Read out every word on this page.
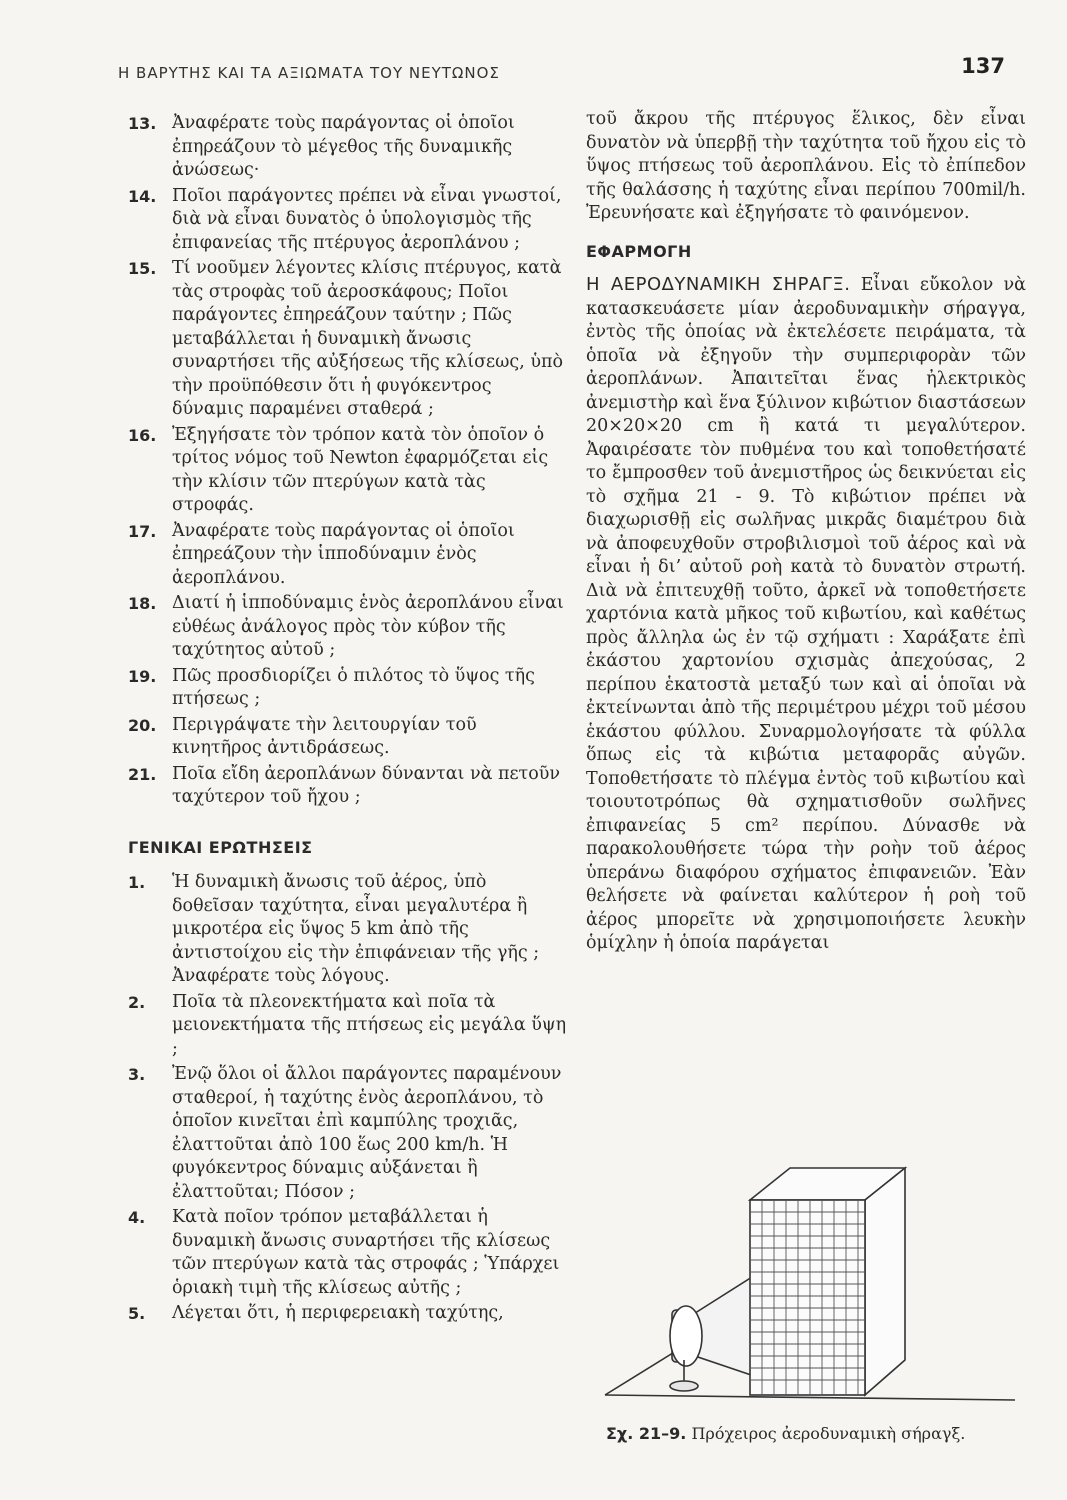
Η ΒΑΡΥΤΗΣ ΚΑΙ ΤΑ ΑΞΙΩΜΑΤΑ ΤΟΥ ΝΕΥΤΩΝΟΣ	137
13. Ἀναφέρατε τοὺς παράγοντας οἱ ὁποῖοι ἐπηρεάζουν τὸ μέγεθος τῆς δυναμικῆς ἀνώσεως·
14. Ποῖοι παράγοντες πρέπει νὰ εἶναι γνωστοί, διὰ νὰ εἶναι δυνατὸς ὁ ὑπολογισμὸς τῆς ἐπιφανείας τῆς πτέρυγος ἀεροπλάνου ;
15. Τί νοοῦμεν λέγοντες κλίσις πτέρυγος, κατὰ τὰς στροφὰς τοῦ ἀεροσκάφους; Ποῖοι παράγοντες ἐπηρεάζουν ταύτην ; Πῶς μεταβάλλεται ἡ δυναμικὴ ἄνωσις συναρτήσει τῆς αὐξήσεως τῆς κλίσεως, ὑπὸ τὴν προϋπόθεσιν ὅτι ἡ φυγόκεντρος δύναμις παραμένει σταθερά ;
16. Ἐξηγήσατε τὸν τρόπον κατὰ τὸν ὁποῖον ὁ τρίτος νόμος τοῦ Newton ἐφαρμόζεται εἰς τὴν κλίσιν τῶν πτερύγων κατὰ τὰς στροφάς.
17. Ἀναφέρατε τοὺς παράγοντας οἱ ὁποῖοι ἐπηρεάζουν τὴν ἱπποδύναμιν ἑνὸς ἀεροπλάνου.
18. Διατί ἡ ἱπποδύναμις ἑνὸς ἀεροπλάνου εἶναι εὐθέως ἀνάλογος πρὸς τὸν κύβον τῆς ταχύτητος αὐτοῦ ;
19. Πῶς προσδιορίζει ὁ πιλότος τὸ ὕψος τῆς πτήσεως ;
20. Περιγράψατε τὴν λειτουργίαν τοῦ κινητῆρος ἀντιδράσεως.
21. Ποῖα εἴδη ἀεροπλάνων δύνανται νὰ πετοῦν ταχύτερον τοῦ ἤχου ;
ΓΕΝΙΚΑΙ ΕΡΩΤΗΣΕΙΣ
1.	Ἡ δυναμικὴ ἄνωσις τοῦ ἀέρος, ὑπὸ δοθεῖσαν ταχύτητα, εἶναι μεγαλυτέρα ἢ μικροτέρα εἰς ὕψος 5 km ἀπὸ τῆς ἀντιστοίχου εἰς τὴν ἐπιφάνειαν τῆς γῆς ; Ἀναφέρατε τοὺς λόγους.
2.	Ποῖα τὰ πλεονεκτήματα καὶ ποῖα τὰ μειονεκτήματα τῆς πτήσεως εἰς μεγάλα ὕψη ;
3.	Ἐνῷ ὅλοι οἱ ἄλλοι παράγοντες παραμένουν σταθεροί, ἡ ταχύτης ἑνὸς ἀεροπλάνου, τὸ ὁποῖον κινεῖται ἐπὶ καμπύλης τροχιᾶς, ἐλαττοῦται ἀπὸ 100 ἕως 200 km/h. Ἡ φυγόκεντρος δύναμις αὐξάνεται ἢ ἐλαττοῦται; Πόσον ;
4.	Κατὰ ποῖον τρόπον μεταβάλλεται ἡ δυναμικὴ ἄνωσις συναρτήσει τῆς κλίσεως τῶν πτερύγων κατὰ τὰς στροφάς ; Ὑπάρχει ὁριακὴ τιμὴ τῆς κλίσεως αὐτῆς ;
5.	Λέγεται ὅτι, ἡ περιφερειακὴ ταχύτης,
τοῦ ἄκρου τῆς πτέρυγος ἕλικος, δὲν εἶναι δυνατὸν νὰ ὑπερβῇ τὴν ταχύτητα τοῦ ἤχου εἰς τὸ ὕψος πτήσεως τοῦ ἀεροπλάνου. Εἰς τὸ ἐπίπεδον τῆς θαλάσσης ἡ ταχύτης εἶναι περίπου 700mil/h. Ἐρευνήσατε καὶ ἐξηγήσατε τὸ φαινόμενον.
ΕΦΑΡΜΟΓΗ
Η ΑΕΡΟΔΥΝΑΜΙΚΗ ΣΗΡΑΓΞ. Εἶναι εὔκολον νὰ κατασκευάσετε μίαν ἀεροδυναμικὴν σήραγγα, ἐντὸς τῆς ὁποίας νὰ ἐκτελέσετε πειράματα, τὰ ὁποῖα νὰ ἐξηγοῦν τὴν συμπεριφορὰν τῶν ἀεροπλάνων. Ἀπαιτεῖται ἕνας ἠλεκτρικὸς ἀνεμιστὴρ καὶ ἕνα ξύλινον κιβώτιον διαστάσεων 20×20×20 cm ἢ κατά τι μεγαλύτερον. Ἀφαιρέσατε τὸν πυθμένα του καὶ τοποθετήσατέ το ἔμπροσθεν τοῦ ἀνεμιστῆρος ὡς δεικνύεται εἰς τὸ σχῆμα 21 - 9. Τὸ κιβώτιον πρέπει νὰ διαχωρισθῇ εἰς σωλῆνας μικρᾶς διαμέτρου διὰ νὰ ἀποφευχθοῦν στροβιλισμοὶ τοῦ ἀέρος καὶ νὰ εἶναι ἡ δι’ αὐτοῦ ροὴ κατὰ τὸ δυνατὸν στρωτή. Διὰ νὰ ἐπιτευχθῇ τοῦτο, ἀρκεῖ νὰ τοποθετήσετε χαρτόνια κατὰ μῆκος τοῦ κιβωτίου, καὶ καθέτως πρὸς ἄλληλα ὡς ἐν τῷ σχήματι : Χαράξατε ἐπὶ ἑκάστου χαρτονίου σχισμὰς ἀπεχούσας, 2 περίπου ἑκατοστὰ μεταξύ των καὶ αἱ ὁποῖαι νὰ ἐκτείνωνται ἀπὸ τῆς περιμέτρου μέχρι τοῦ μέσου ἑκάστου φύλλου. Συναρμολογήσατε τὰ φύλλα ὅπως εἰς τὰ κιβώτια μεταφορᾶς αὐγῶν. Τοποθετήσατε τὸ πλέγμα ἐντὸς τοῦ κιβωτίου καὶ τοιουτοτρόπως θὰ σχηματισθοῦν σωλῆνες ἐπιφανείας 5 cm² περίπου. Δύνασθε νὰ παρακολουθήσετε τώρα τὴν ροὴν τοῦ ἀέρος ὑπεράνω διαφόρου σχήματος ἐπιφανειῶν. Ἐὰν θελήσετε νὰ φαίνεται καλύτερον ἡ ροὴ τοῦ ἀέρος μπορεῖτε νὰ χρησιμοποιήσετε λευκὴν ὁμίχλην ἡ ὁποία παράγεται
Σχ. 21–9. Πρόχειρος ἀεροδυναμικὴ σήραγξ.
